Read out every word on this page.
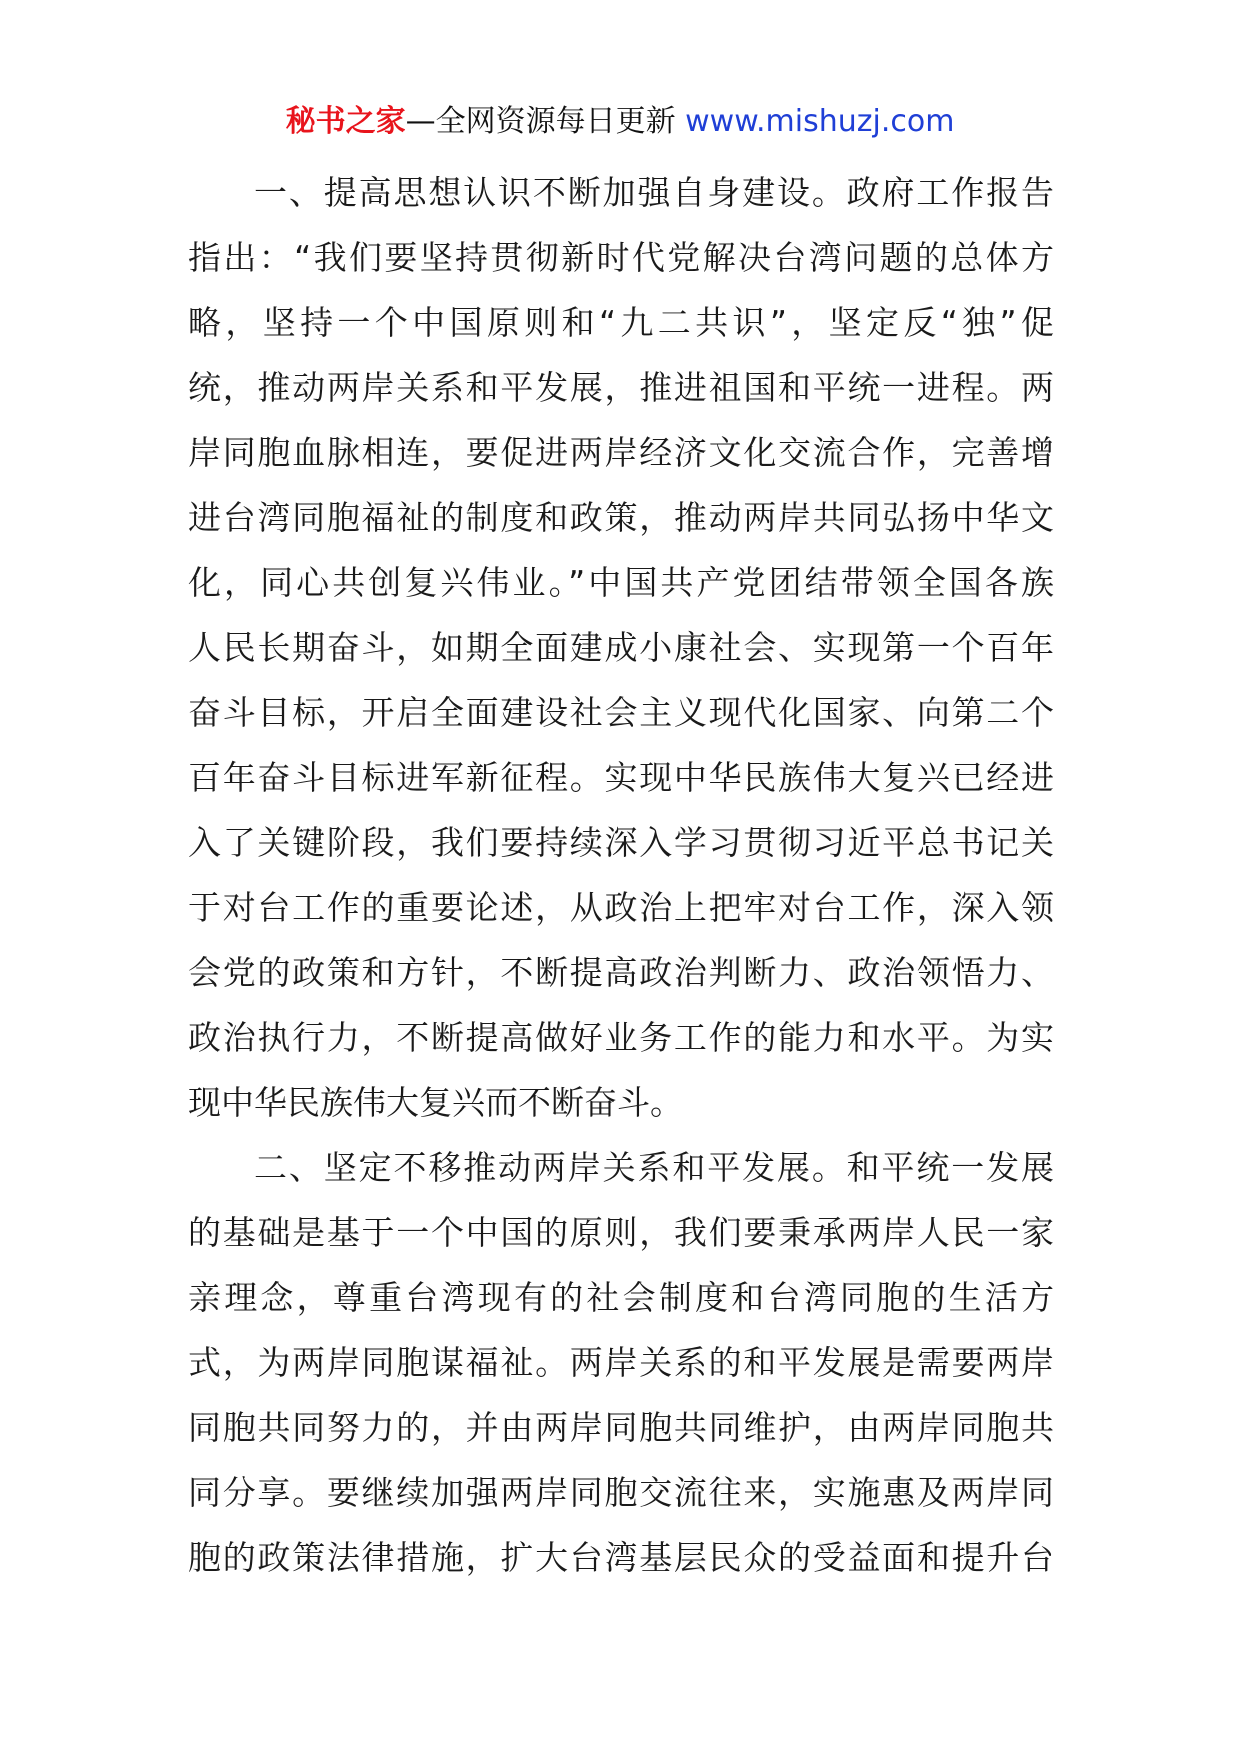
秘书之家—全网资源每日更新 www.mishuzj.com
一、提高思想认识不断加强自身建设。政府工作报告
指出：“我们要坚持贯彻新时代党解决台湾问题的总体方
略，坚持一个中国原则和“九二共识”，坚定反“独”促
统，推动两岸关系和平发展，推进祖国和平统一进程。两
岸同胞血脉相连，要促进两岸经济文化交流合作，完善增
进台湾同胞福祉的制度和政策，推动两岸共同弘扬中华文
化，同心共创复兴伟业。”中国共产党团结带领全国各族
人民长期奋斗，如期全面建成小康社会、实现第一个百年
奋斗目标，开启全面建设社会主义现代化国家、向第二个
百年奋斗目标进军新征程。实现中华民族伟大复兴已经进
入了关键阶段，我们要持续深入学习贯彻习近平总书记关
于对台工作的重要论述，从政治上把牢对台工作，深入领
会党的政策和方针，不断提高政治判断力、政治领悟力、
政治执行力，不断提高做好业务工作的能力和水平。为实
现中华民族伟大复兴而不断奋斗。
二、坚定不移推动两岸关系和平发展。和平统一发展
的基础是基于一个中国的原则，我们要秉承两岸人民一家
亲理念，尊重台湾现有的社会制度和台湾同胞的生活方
式，为两岸同胞谋福祉。两岸关系的和平发展是需要两岸
同胞共同努力的，并由两岸同胞共同维护，由两岸同胞共
同分享。要继续加强两岸同胞交流往来，实施惠及两岸同
胞的政策法律措施，扩大台湾基层民众的受益面和提升台
